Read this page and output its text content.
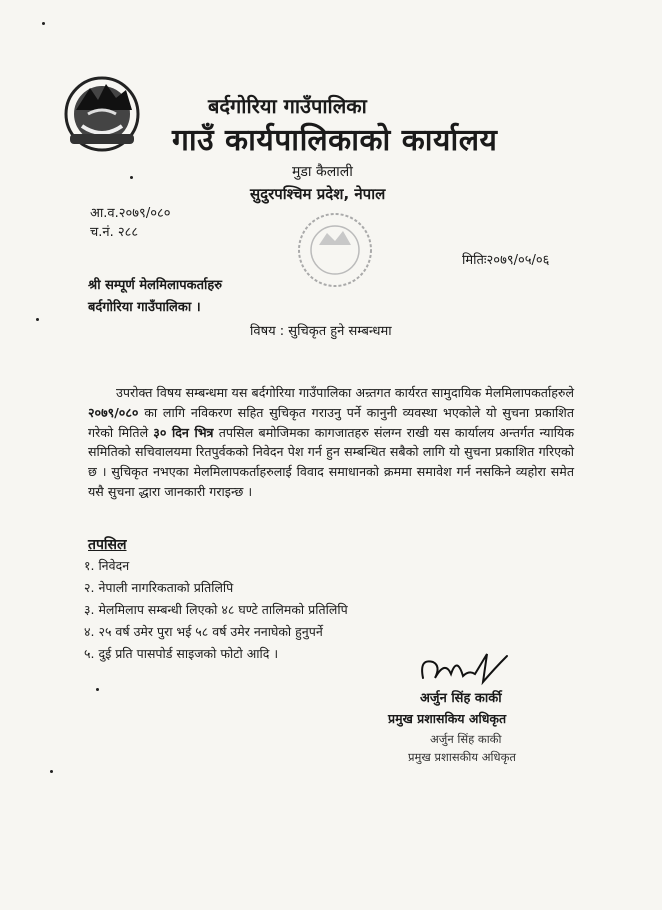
बर्दगोरिया गाउँपालिका
गाउँ कार्यपालिकाको कार्यालय
मुडा कैलाली
सुदुरपश्चिम प्रदेश, नेपाल
आ.व.२०७९/०८०
च.नं. २८८
मितिः२०७९/०५/०६
श्री सम्पूर्ण मेलमिलापकर्ताहरु
बर्दगोरिया गाउँपालिका ।
विषय : सुचिकृत हुने सम्बन्धमा
उपरोक्त विषय सम्बन्धमा यस बर्दगोरिया गाउँपालिका अन्र्तगत कार्यरत सामुदायिक मेलमिलापकर्ताहरुले २०७९/०८० का लागि नविकरण सहित सुचिकृत गराउनु पर्ने कानुनी व्यवस्था भएकोले यो सुचना प्रकाशित गरेको मितिले ३० दिन भित्र तपसिल बमोजिमका कागजातहरु संलग्न राखी यस कार्यालय अन्तर्गत न्यायिक समितिको सचिवालयमा रितपुर्वकको निवेदन पेश गर्न हुन सम्बन्धित सबैको लागि यो सुचना प्रकाशित गरिएको छ । सुचिकृत नभएका मेलमिलापकर्ताहरुलाई विवाद समाधानको क्रममा समावेश गर्न नसकिने व्यहोरा समेत यसै सुचना द्धारा जानकारी गराइन्छ ।
तपसिल
१. निवेदन
२. नेपाली नागरिकताको प्रतिलिपि
३. मेलमिलाप सम्बन्धी लिएको ४८ घण्टे तालिमको प्रतिलिपि
४. २५ वर्ष उमेर पुरा भई ५८ वर्ष उमेर ननाघेको हुनुपर्ने
५. दुई प्रति पासपोर्ड साइजको फोटो आदि ।
अर्जुन सिंह कार्की
प्रमुख प्रशासकिय अधिकृत
अर्जुन सिंह काकी
प्रमुख प्रशासकीय अधिकृत
